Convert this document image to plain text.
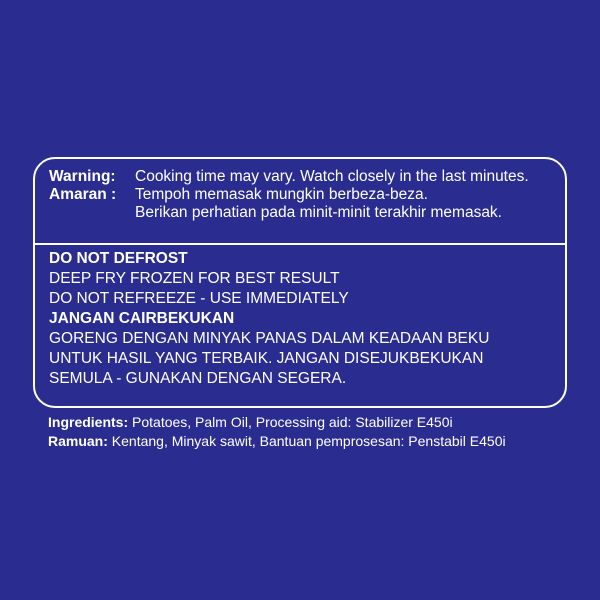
Warning:	Cooking time may vary. Watch closely in the last minutes.
Amaran :	Tempoh memasak mungkin berbeza-beza.
Berikan perhatian pada minit-minit terakhir memasak.
DO NOT DEFROST
DEEP FRY FROZEN FOR BEST RESULT
DO NOT REFREEZE - USE IMMEDIATELY
JANGAN CAIRBEKUKAN
GORENG DENGAN MINYAK PANAS DALAM KEADAAN BEKU
UNTUK HASIL YANG TERBAIK. JANGAN DISEJUKBEKUKAN
SEMULA - GUNAKAN DENGAN SEGERA.
Ingredients: Potatoes, Palm Oil, Processing aid: Stabilizer E450i
Ramuan: Kentang, Minyak sawit, Bantuan pemprosesan: Penstabil E450i
